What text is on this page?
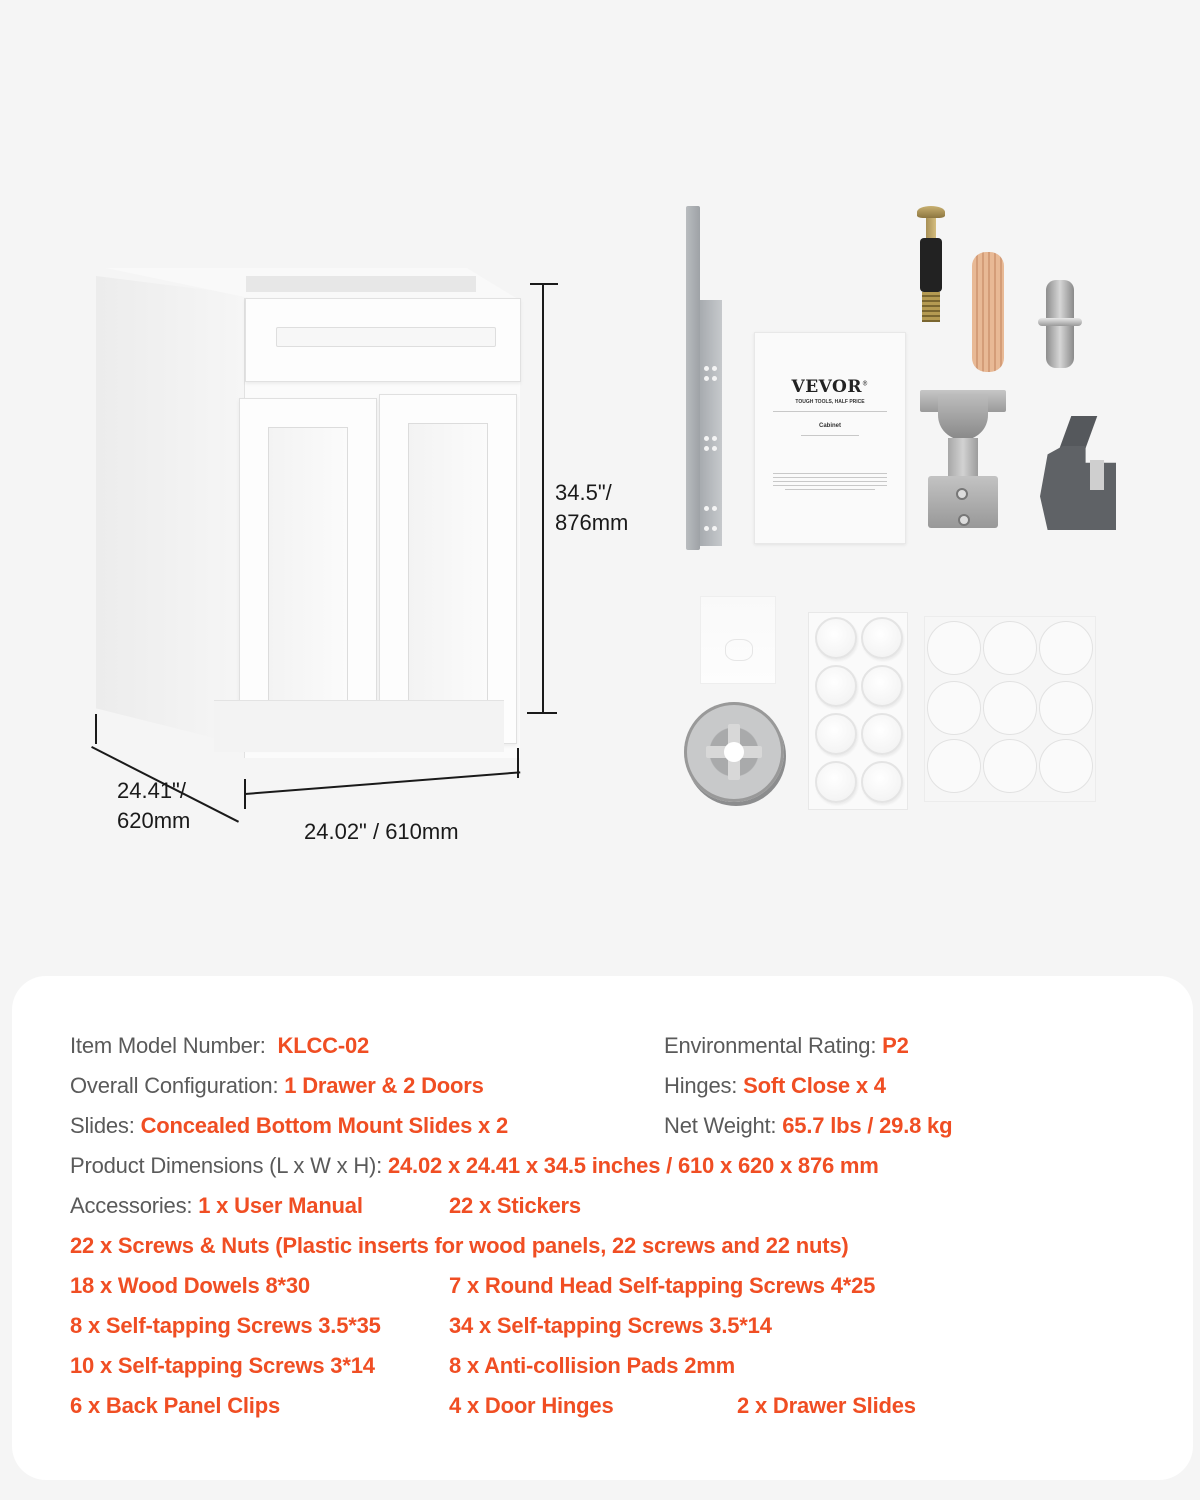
34.5"/
876mm
24.41"/
620mm	24.02" / 610mm
VEVOR®
TOUGH TOOLS, HALF PRICE
Cabinet
Item Model Number: KLCC-02	Environmental Rating: P2
Overall Configuration: 1 Drawer & 2 Doors	Hinges: Soft Close x 4
Slides: Concealed Bottom Mount Slides x 2	Net Weight: 65.7 lbs / 29.8 kg
Product Dimensions (L x W x H): 24.02 x 24.41 x 34.5 inches / 610 x 620 x 876 mm
Accessories: 1 x User Manual	22 x Stickers
22 x Screws & Nuts (Plastic inserts for wood panels, 22 screws and 22 nuts)
18 x Wood Dowels 8*30	7 x Round Head Self-tapping Screws 4*25
8 x Self-tapping Screws 3.5*35	34 x Self-tapping Screws 3.5*14
10 x Self-tapping Screws 3*14	8 x Anti-collision Pads 2mm
6 x Back Panel Clips	4 x Door Hinges	2 x Drawer Slides
